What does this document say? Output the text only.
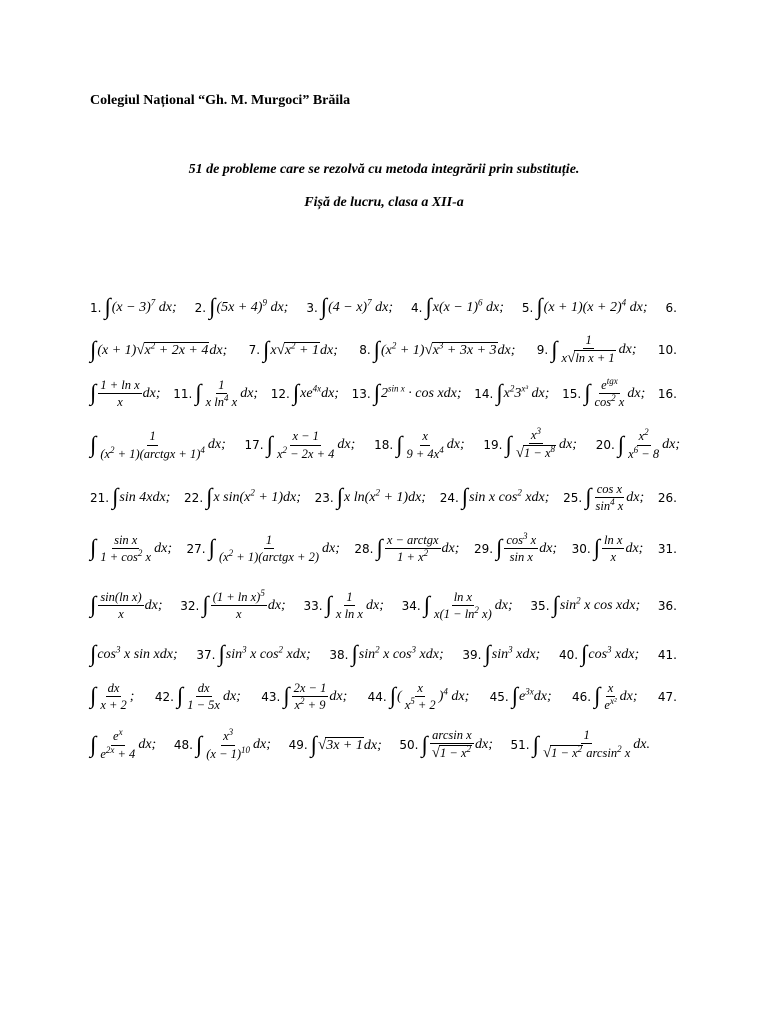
Colegiul Național “Gh. M. Murgoci” Brăila
51 de probleme care se rezolvă cu metoda integrării prin substituție.
Fișă de lucru, clasa a XII-a
1. ∫ $(x - 3)^7$ dx; 2. ∫ $(5x + 4)^9$ dx; 3. ∫ $(4 - x)^7$ dx; 4. ∫ $x(x - 1)^6$ dx; 5. ∫ $(x + 1)(x + 2)^4$ dx; 6.
∫ $(x + 1)√x^2 + 2x + 4dx$; 7. ∫ $x√x^2 + 1dx$; 8. ∫ $(x^2 + 1)√x^3 + 3x + 3dx$; 9. ∫ $\frac{1}{\text{x√ln x + 1}}$ dx; 10.
∫ $\frac{\text{1 + ln x}}{x}$ dx; 11. ∫ $\frac{1}{x \ln^4 x}$ dx; 12. ∫ $xe^{4x}dx$; 13. ∫ $2^{sin x} \cdot \cos$ xdx; 14. ∫ $x^23^{x^3}$ dx; 15. ∫ $\frac{e^{tgx}}{\cos^2 x}$ dx; 16.
∫ $\frac{1}{(x^2 + 1)(arctgx + 1)^4}$ dx; 17. ∫ $\frac{x - 1}{x^2 - 2x + 4}$ dx; 18. ∫ $\frac{x}{9 + 4x^4}$ dx; 19. ∫ $\frac{x^3}{√1 - x^8}$ dx; 20. ∫ $\frac{x^2}{x^6 - 8}$ dx;
21. ∫ sin 4xdx; 22. ∫ x $\sin(x^2 + 1)dx$; 23. ∫ x $\ln(x^2 + 1)dx$; 24. ∫ sin x $\cos^2$ xdx; 25. ∫ $\frac{\text{cos x}}{\sin^4 x}$ dx; 26.
∫ $\frac{\text{sin x}}{1 + \cos^2 x}$ dx; 27. ∫ $\frac{1}{(x^2 + 1)(arctgx + 2)}$ dx; 28. ∫ $\frac{\text{x − arctgx}}{1 + x^2}$ dx; 29. ∫ $\frac{\cos^3 x}{\text{sin x}}$ dx; 30. ∫ $\frac{\text{ln x}}{x}$ dx; 31.
∫ $\frac{\text{sin(ln x)}}{x}$ dx; 32. ∫ $\frac{(1 + \ln x)^5}{x}$ dx; 33. ∫ $\frac{1}{\text{x ln x}}$ dx; 34. ∫ $\frac{\text{ln x}}{x(1 - \ln^2 x)}$ dx; 35. ∫ $\sin^2 x$ cos xdx; 36.
∫ $\cos^3 x$ sin xdx; 37. ∫ $\sin^3 x$ $\cos^2$ xdx; 38. ∫ $\sin^2 x$ $\cos^3$ xdx; 39. ∫ $\sin^3$ xdx; 40. ∫ $\cos^3$ xdx; 41.
∫ $\frac{dx}{x + 2}$ ; 42. ∫ $\frac{dx}{1 - 5x}$ dx; 43. ∫ $\frac{2x - 1}{x^2 + 9}$ dx; 44. ∫ ( $\frac{x}{x^5 + 2} )^4$ dx; 45. ∫ $e^{3x}dx$; 46. ∫ $\frac{x}{e^{x^2}}$ dx; 47.
∫ $\frac{e^x}{e^{2x} + 4}$ dx; 48. ∫ $\frac{x^3}{(x - 1)^{10}}$ dx; 49. ∫ √3x + 1dx; 50. ∫ $\frac{\text{arcsin x}}{√1 - x^2}$ dx; 51. ∫ $\frac{1}{√1 - x^2 \arcsin^2 x}$ dx.
